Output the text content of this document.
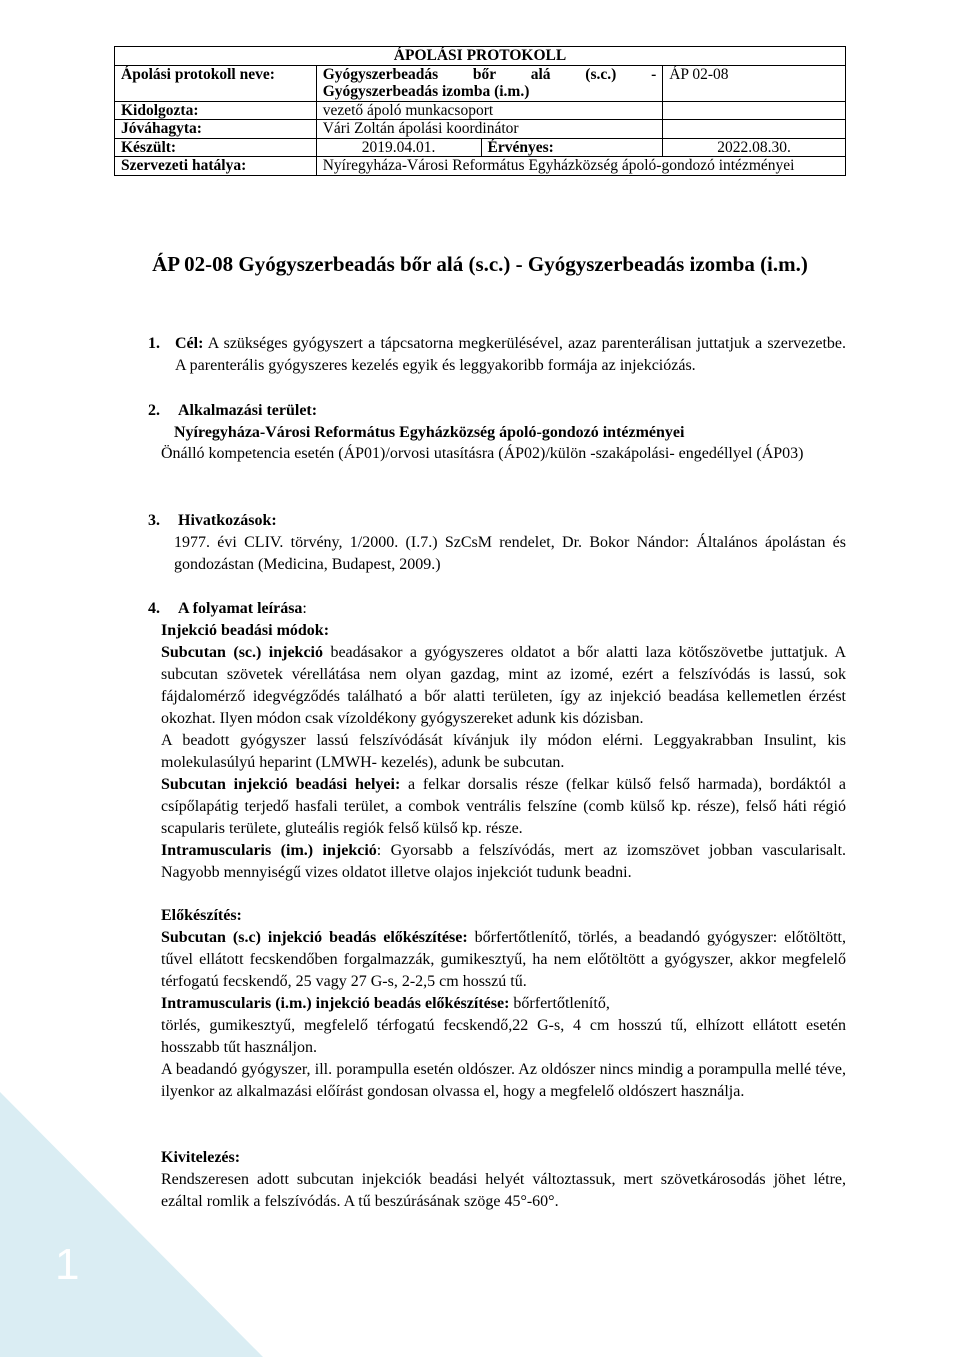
1
ÁPOLÁSI PROTOKOLL			
Ápolási protokoll neve:	Gyógyszerbeadás bőr alá (s.c.) -
Gyógyszerbeadás izomba (i.m.)		ÁP 02-08
Kidolgozta:	vezető ápoló munkacsoport		
Jóváhagyta:	Vári Zoltán ápolási koordinátor		
Készült:	2019.04.01.	Érvényes:	2022.08.30.
Szervezeti hatálya:	Nyíregyháza-Városi Református Egyházközség ápoló-gondozó intézményei		
ÁP 02-08 Gyógyszerbeadás bőr alá (s.c.) - Gyógyszerbeadás izomba (i.m.)

1. Cél: A szükséges gyógyszert a tápcsatorna megkerülésével, azaz parenterálisan juttatjuk a szervezetbe. A parenterális gyógyszeres kezelés egyik és leggyakoribb formája az injekciózás.

2. Alkalmazási terület:
Nyíregyháza-Városi Református Egyházközség ápoló-gondozó intézményei
Önálló kompetencia esetén (ÁP01)/orvosi utasításra (ÁP02)/külön -szakápolási- engedéllyel (ÁP03)
3. Hivatkozások:
1977. évi CLIV. törvény, 1/2000. (I.7.) SzCsM rendelet, Dr. Bokor Nándor: Általános ápolástan és gondozástan (Medicina, Budapest, 2009.)
4. A folyamat leírása:

Injekció beadási módok:

Subcutan (sc.) injekció beadásakor a gyógyszeres oldatot a bőr alatti laza kötőszövetbe juttatjuk. A subcutan szövetek vérellátása nem olyan gazdag, mint az izomé, ezért a felszívódás is lassú, sok fájdalomérző idegvégződés található a bőr alatti területen, így az injekció beadása kellemetlen érzést okozhat. Ilyen módon csak vízoldékony gyógyszereket adunk kis dózisban.

A beadott gyógyszer lassú felszívódását kívánjuk ily módon elérni. Leggyakrabban Insulint, kis molekulasúlyú heparint (LMWH- kezelés), adunk be subcutan.

Subcutan injekció beadási helyei: a felkar dorsalis része (felkar külső felső harmada), bordáktól a csípőlapátig terjedő hasfali terület, a combok ventrális felszíne (comb külső kp. része), felső háti régió scapularis területe, gluteális regiók felső külső kp. része.

Intramuscularis (im.) injekció: Gyorsabb a felszívódás, mert az izomszövet jobban vascularisalt. Nagyobb mennyiségű vizes oldatot illetve olajos injekciót tudunk beadni.

Előkészítés:

Subcutan (s.c) injekció beadás előkészítése: bőrfertőtlenítő, törlés, a beadandó gyógyszer: előtöltött, tűvel ellátott fecskendőben forgalmazzák, gumikesztyű, ha nem előtöltött a gyógyszer, akkor megfelelő térfogatú fecskendő, 25 vagy 27 G-s, 2-2,5 cm hosszú tű.

Intramuscularis (i.m.) injekció beadás előkészítése: bőrfertőtlenítő,

törlés, gumikesztyű, megfelelő térfogatú fecskendő,22 G-s, 4 cm hosszú tű, elhízott ellátott esetén hosszabb tűt használjon.

A beadandó gyógyszer, ill. porampulla esetén oldószer. Az oldószer nincs mindig a porampulla mellé téve, ilyenkor az alkalmazási előírást gondosan olvassa el, hogy a megfelelő oldószert használja.

Kivitelezés:

Rendszeresen adott subcutan injekciók beadási helyét változtassuk, mert szövetkárosodás jöhet létre, ezáltal romlik a felszívódás. A tű beszúrásának szöge 45°-60°.
